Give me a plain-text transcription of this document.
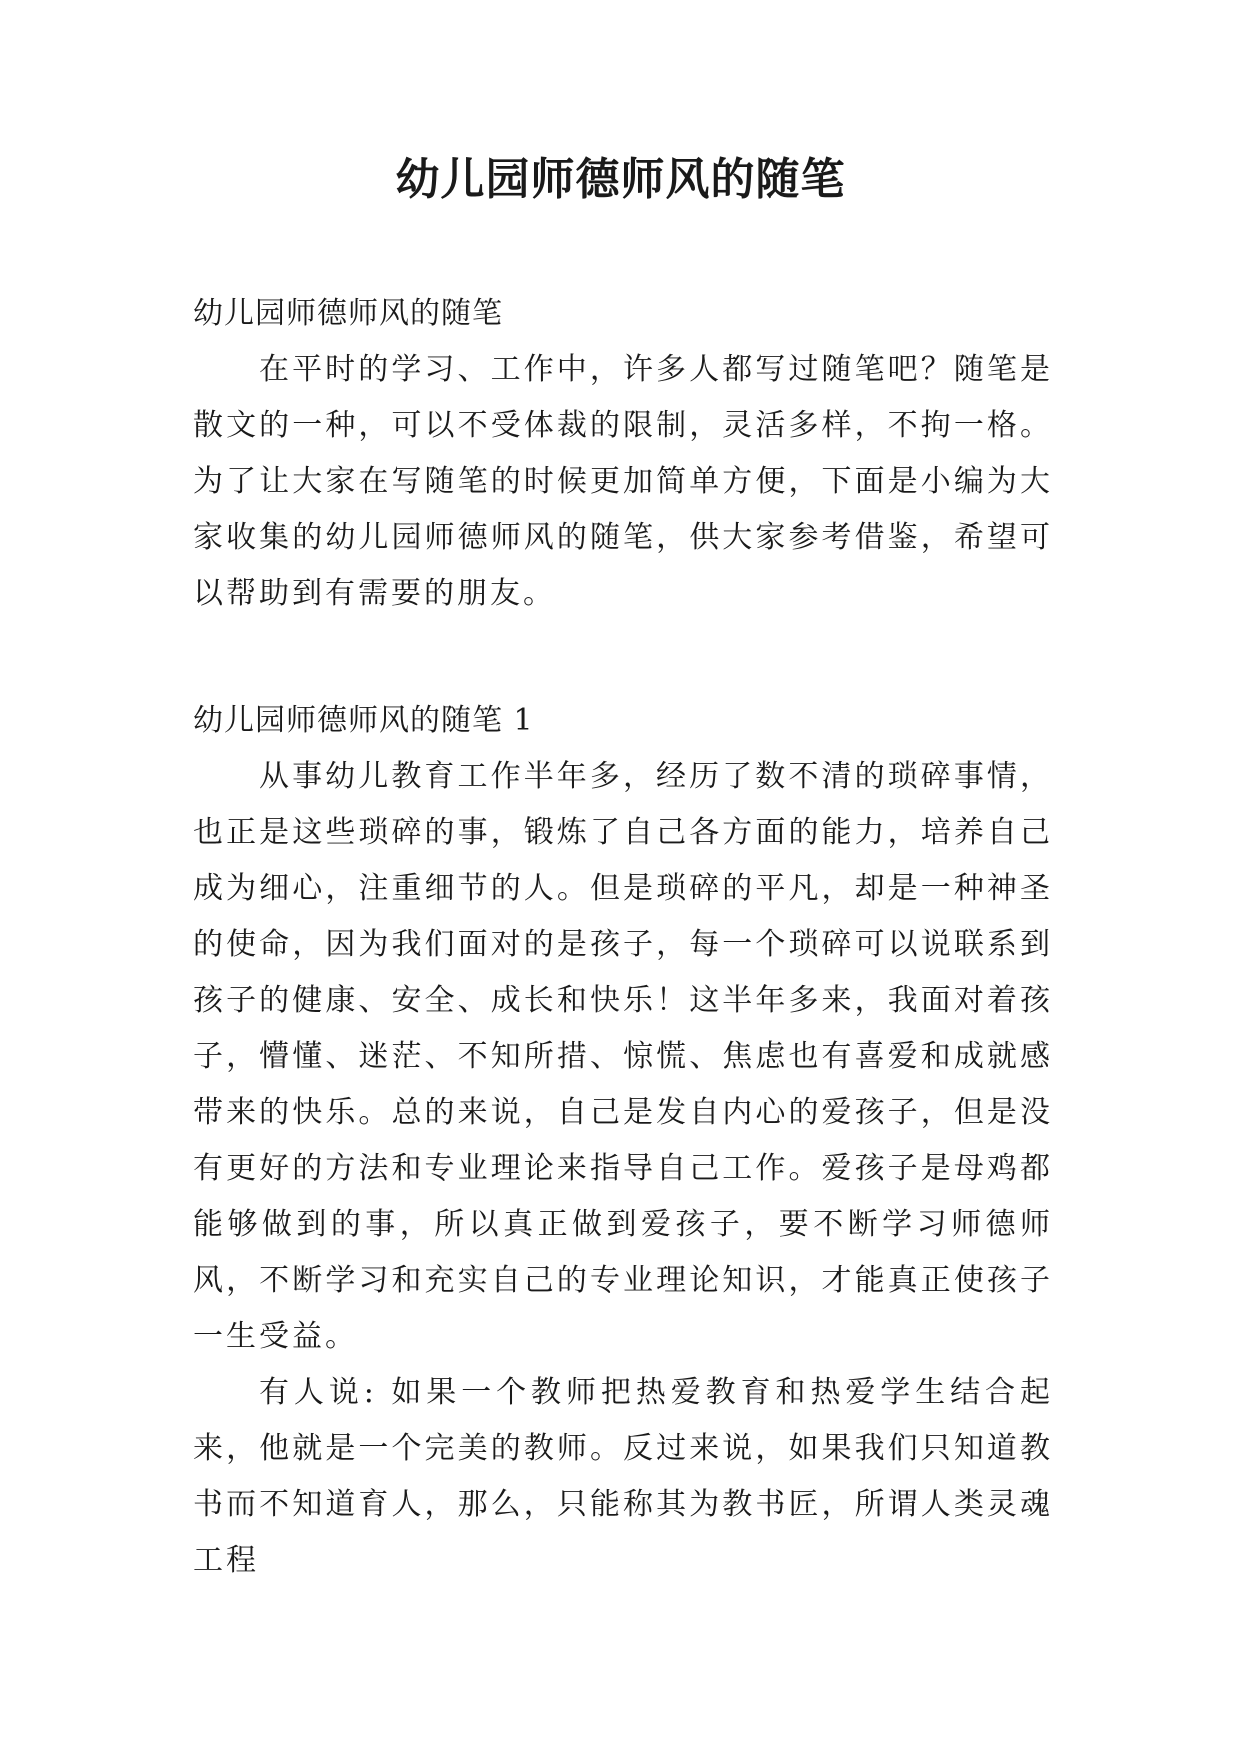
幼儿园师德师风的随笔
幼儿园师德师风的随笔

在平时的学习、工作中，许多人都写过随笔吧？随笔是散文的一种，可以不受体裁的限制，灵活多样，不拘一格。为了让大家在写随笔的时候更加简单方便，下面是小编为大家收集的幼儿园师德师风的随笔，供大家参考借鉴，希望可以帮助到有需要的朋友。

幼儿园师德师风的随笔 1

从事幼儿教育工作半年多，经历了数不清的琐碎事情，也正是这些琐碎的事，锻炼了自己各方面的能力，培养自己成为细心，注重细节的人。但是琐碎的平凡，却是一种神圣的使命，因为我们面对的是孩子，每一个琐碎可以说联系到孩子的健康、安全、成长和快乐！这半年多来，我面对着孩子，懵懂、迷茫、不知所措、惊慌、焦虑也有喜爱和成就感带来的快乐。总的来说，自己是发自内心的爱孩子，但是没有更好的方法和专业理论来指导自己工作。爱孩子是母鸡都能够做到的事，所以真正做到爱孩子，要不断学习师德师风，不断学习和充实自己的专业理论知识，才能真正使孩子一生受益。

有人说: 如果一个教师把热爱教育和热爱学生结合起来，他就是一个完美的教师。反过来说，如果我们只知道教书而不知道育人，那么，只能称其为教书匠，所谓人类灵魂工程
